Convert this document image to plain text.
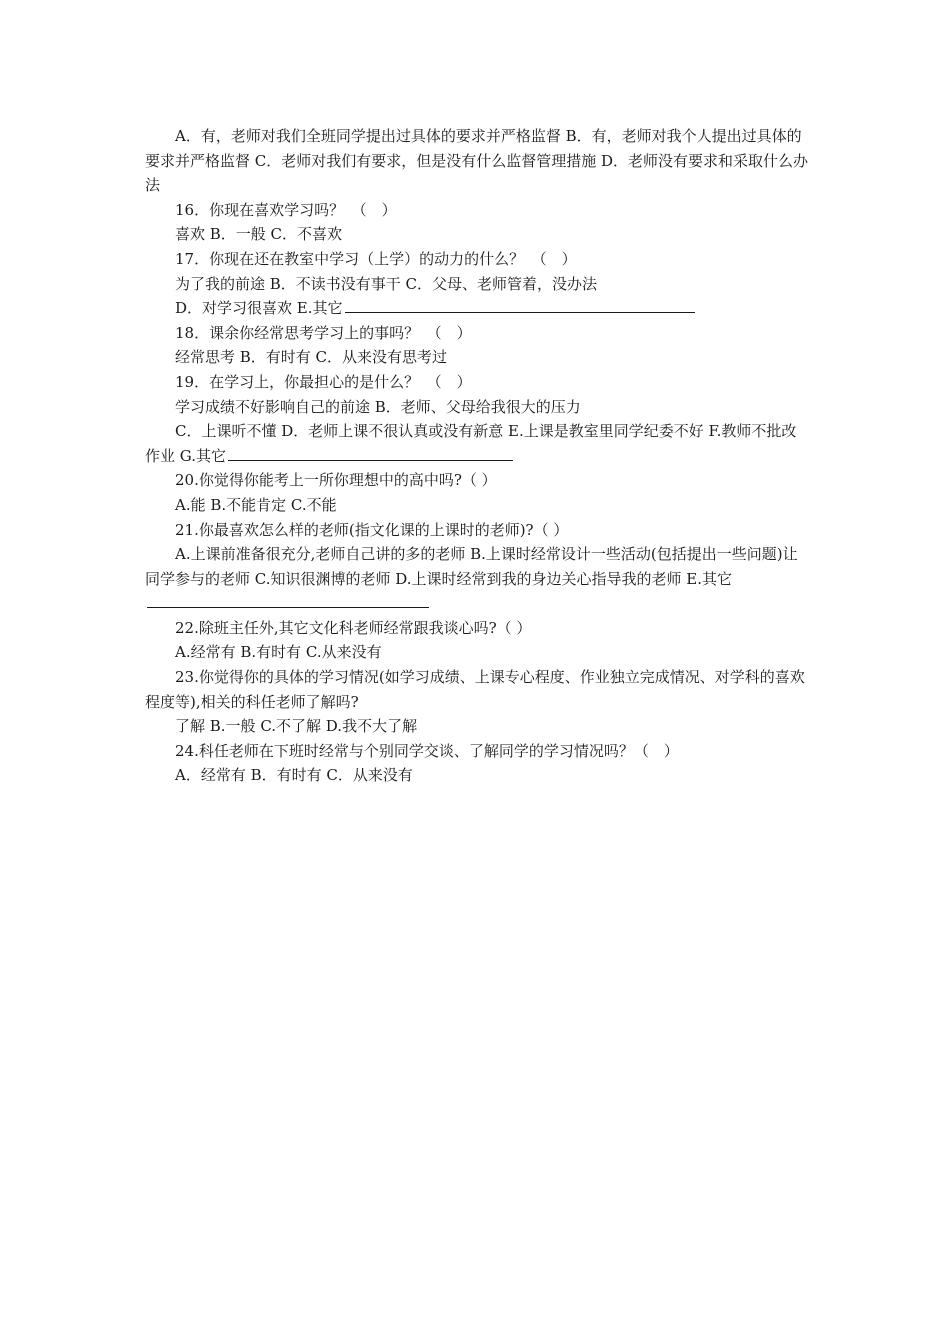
A．有，老师对我们全班同学提出过具体的要求并严格监督 B．有，老师对我个人提出过具体的要求并严格监督 C．老师对我们有要求，但是没有什么监督管理措施 D．老师没有要求和采取什么办法

16．你现在喜欢学习吗？　（　）

喜欢 B．一般 C．不喜欢

17．你现在还在教室中学习（上学）的动力的什么？　（　）

为了我的前途 B．不读书没有事干 C．父母、老师管着，没办法

D．对学习很喜欢 E.其它

18．课余你经常思考学习上的事吗？　（　）

经常思考 B．有时有 C．从来没有思考过

19．在学习上，你最担心的是什么？　（　）

学习成绩不好影响自己的前途 B．老师、父母给我很大的压力

C．上课听不懂 D．老师上课不很认真或没有新意 E.上课是教室里同学纪委不好 F.教师不批改作业 G.其它

20.你觉得你能考上一所你理想中的高中吗?（ ）

A.能 B.不能肯定 C.不能

21.你最喜欢怎么样的老师(指文化课的上课时的老师)?（ ）

A.上课前准备很充分,老师自己讲的多的老师 B.上课时经常设计一些活动(包括提出一些问题)让同学参与的老师 C.知识很渊博的老师 D.上课时经常到我的身边关心指导我的老师 E.其它

22.除班主任外,其它文化科老师经常跟我谈心吗?（ ）

A.经常有 B.有时有 C.从来没有

23.你觉得你的具体的学习情况(如学习成绩、上课专心程度、作业独立完成情况、对学科的喜欢程度等),相关的科任老师了解吗?

了解 B.一般 C.不了解 D.我不大了解

24.科任老师在下班时经常与个别同学交谈、了解同学的学习情况吗？（　）

A．经常有 B．有时有 C．从来没有
